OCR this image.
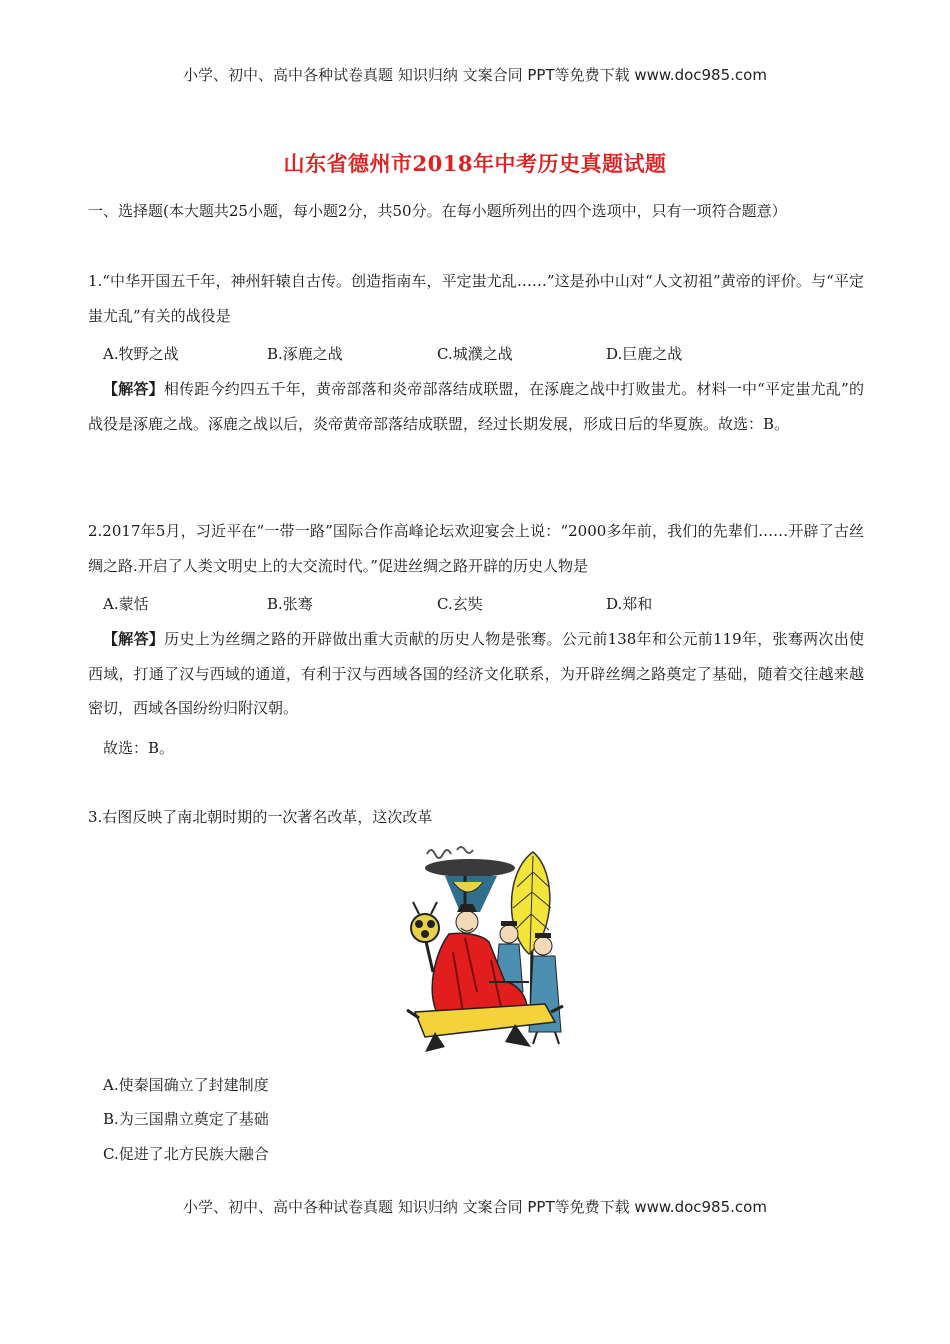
小学、初中、高中各种试卷真题 知识归纳 文案合同 PPT等免费下载 www.doc985.com
山东省德州市2018年中考历史真题试题
一、选择题(本大题共25小题，每小题2分，共50分。在每小题所列出的四个选项中，只有一项符合题意）
1.“中华开国五千年，神州轩辕自古传。创造指南车，平定蚩尤乱……”这是孙中山对“人文初祖”黄帝的评价。与“平定蚩尤乱”有关的战役是
A.牧野之战	B.涿鹿之战	C.城濮之战	D.巨鹿之战
【解答】相传距今约四五千年，黄帝部落和炎帝部落结成联盟，在涿鹿之战中打败蚩尤。材料一中“平定蚩尤乱”的战役是涿鹿之战。涿鹿之战以后，炎帝黄帝部落结成联盟，经过长期发展，形成日后的华夏族。故选：B。
2.2017年5月，习近平在“一带一路”国际合作高峰论坛欢迎宴会上说：“2000多年前，我们的先辈们……开辟了古丝绸之路.开启了人类文明史上的大交流时代。”促进丝绸之路开辟的历史人物是
A.蒙恬	B.张骞	C.玄奘	D.郑和
【解答】历史上为丝绸之路的开辟做出重大贡献的历史人物是张骞。公元前138年和公元前119年，张骞两次出使西域，打通了汉与西域的通道，有利于汉与西域各国的经济文化联系，为开辟丝绸之路奠定了基础，随着交往越来越密切，西域各国纷纷归附汉朝。
故选：B。
3.右图反映了南北朝时期的一次著名改革，这次改革
A.使秦国确立了封建制度
B.为三国鼎立奠定了基础
C.促进了北方民族大融合
小学、初中、高中各种试卷真题 知识归纳 文案合同 PPT等免费下载 www.doc985.com
